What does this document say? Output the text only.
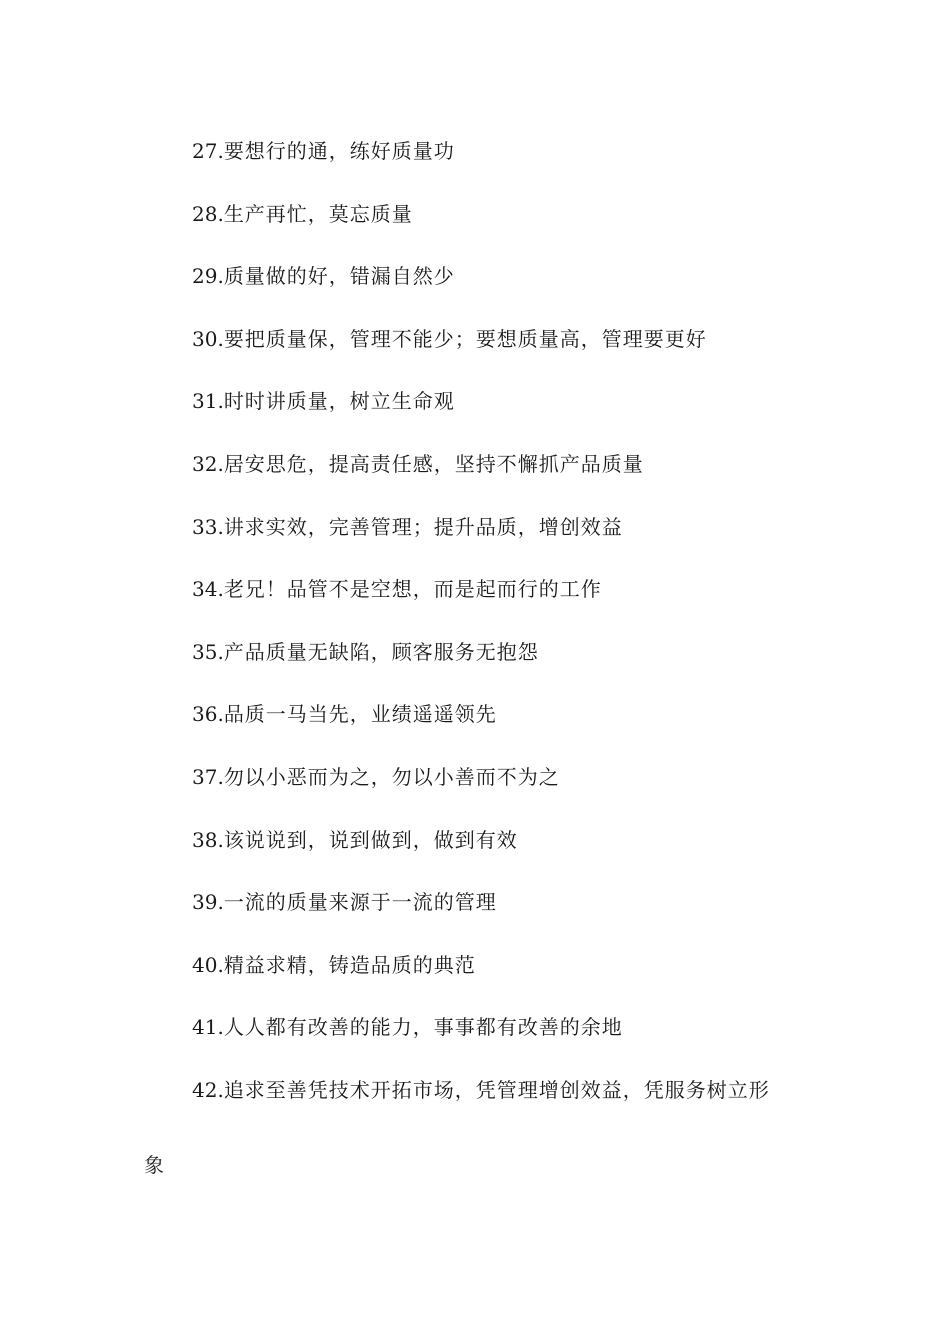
27.要想行的通，练好质量功
28.生产再忙，莫忘质量
29.质量做的好，错漏自然少
30.要把质量保，管理不能少；要想质量高，管理要更好
31.时时讲质量，树立生命观
32.居安思危，提高责任感，坚持不懈抓产品质量
33.讲求实效，完善管理；提升品质，增创效益
34.老兄！品管不是空想，而是起而行的工作
35.产品质量无缺陷，顾客服务无抱怨
36.品质一马当先，业绩遥遥领先
37.勿以小恶而为之，勿以小善而不为之
38.该说说到，说到做到，做到有效
39.一流的质量来源于一流的管理
40.精益求精，铸造品质的典范
41.人人都有改善的能力，事事都有改善的余地
42.追求至善凭技术开拓市场，凭管理增创效益，凭服务树立形
象
